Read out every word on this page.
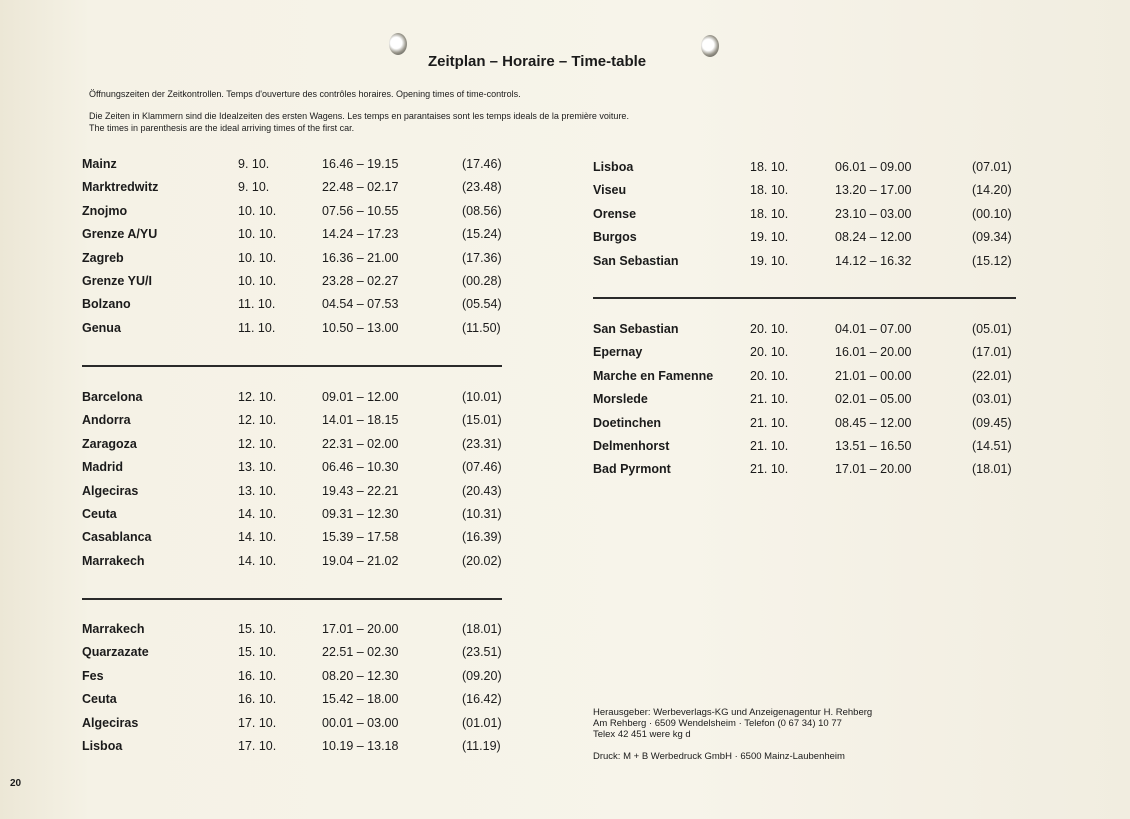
Zeitplan – Horaire – Time-table
Öffnungszeiten der Zeitkontrollen. Temps d'ouverture des contrôles horaires. Opening times of time-controls.
Die Zeiten in Klammern sind die Idealzeiten des ersten Wagens. Les temps en parantaises sont les temps ideals de la première voiture.
The times in parenthesis are the ideal arriving times of the first car.
Mainz	9. 10.	16.46 – 19.15	(17.46)
Marktredwitz	9. 10.	22.48 – 02.17	(23.48)
Znojmo	10. 10.	07.56 – 10.55	(08.56)
Grenze A/YU	10. 10.	14.24 – 17.23	(15.24)
Zagreb	10. 10.	16.36 – 21.00	(17.36)
Grenze YU/I	10. 10.	23.28 – 02.27	(00.28)
Bolzano	11. 10.	04.54 – 07.53	(05.54)
Genua	11. 10.	10.50 – 13.00	(11.50)
Barcelona	12. 10.	09.01 – 12.00	(10.01)
Andorra	12. 10.	14.01 – 18.15	(15.01)
Zaragoza	12. 10.	22.31 – 02.00	(23.31)
Madrid	13. 10.	06.46 – 10.30	(07.46)
Algeciras	13. 10.	19.43 – 22.21	(20.43)
Ceuta	14. 10.	09.31 – 12.30	(10.31)
Casablanca	14. 10.	15.39 – 17.58	(16.39)
Marrakech	14. 10.	19.04 – 21.02	(20.02)
Marrakech	15. 10.	17.01 – 20.00	(18.01)
Quarzazate	15. 10.	22.51 – 02.30	(23.51)
Fes	16. 10.	08.20 – 12.30	(09.20)
Ceuta	16. 10.	15.42 – 18.00	(16.42)
Algeciras	17. 10.	00.01 – 03.00	(01.01)
Lisboa	17. 10.	10.19 – 13.18	(11.19)
Lisboa	18. 10.	06.01 – 09.00	(07.01)
Viseu	18. 10.	13.20 – 17.00	(14.20)
Orense	18. 10.	23.10 – 03.00	(00.10)
Burgos	19. 10.	08.24 – 12.00	(09.34)
San Sebastian	19. 10.	14.12 – 16.32	(15.12)
San Sebastian	20. 10.	04.01 – 07.00	(05.01)
Epernay	20. 10.	16.01 – 20.00	(17.01)
Marche en Famenne	20. 10.	21.01 – 00.00	(22.01)
Morslede	21. 10.	02.01 – 05.00	(03.01)
Doetinchen	21. 10.	08.45 – 12.00	(09.45)
Delmenhorst	21. 10.	13.51 – 16.50	(14.51)
Bad Pyrmont	21. 10.	17.01 – 20.00	(18.01)
Herausgeber: Werbeverlags-KG und Anzeigenagentur H. Rehberg
Am Rehberg · 6509 Wendelsheim · Telefon (0 67 34) 10 77
Telex 42 451 were kg d
Druck: M + B Werbedruck GmbH · 6500 Mainz-Laubenheim
20
